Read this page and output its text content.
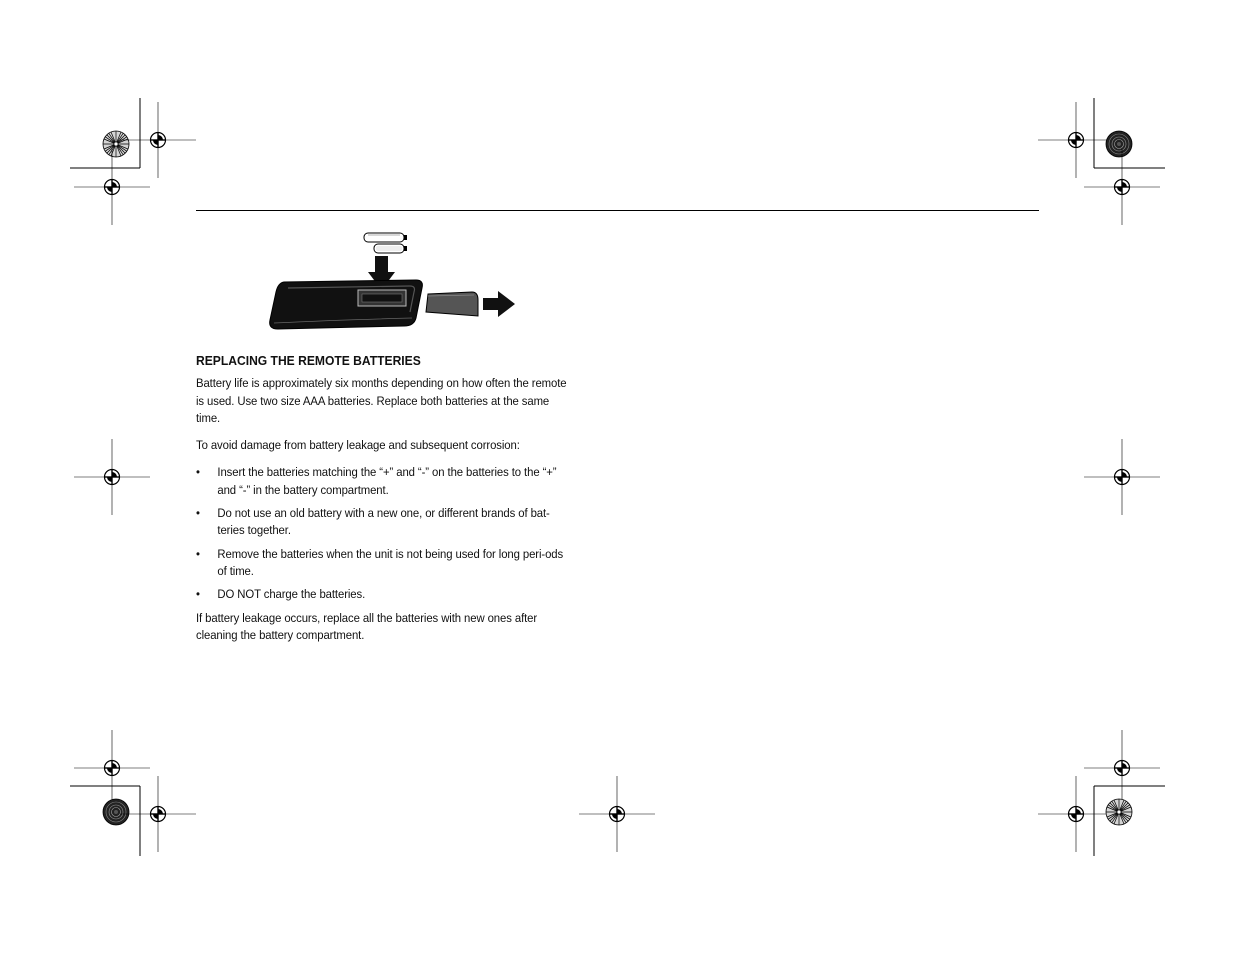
REPLACING THE REMOTE BATTERIES

Battery life is approximately six months depending on how often the remote is used. Use two size AAA batteries. Replace both batteries at the same time.

To avoid damage from battery leakage and subsequent corrosion:

• Insert the batteries matching the “+” and “-” on the batteries to the “+” and “-” in the battery compartment.
• Do not use an old battery with a new one, or different brands of bat-teries together.
• Remove the batteries when the unit is not being used for long peri-ods of time.
• DO NOT charge the batteries.

If battery leakage occurs, replace all the batteries with new ones after cleaning the battery compartment.
